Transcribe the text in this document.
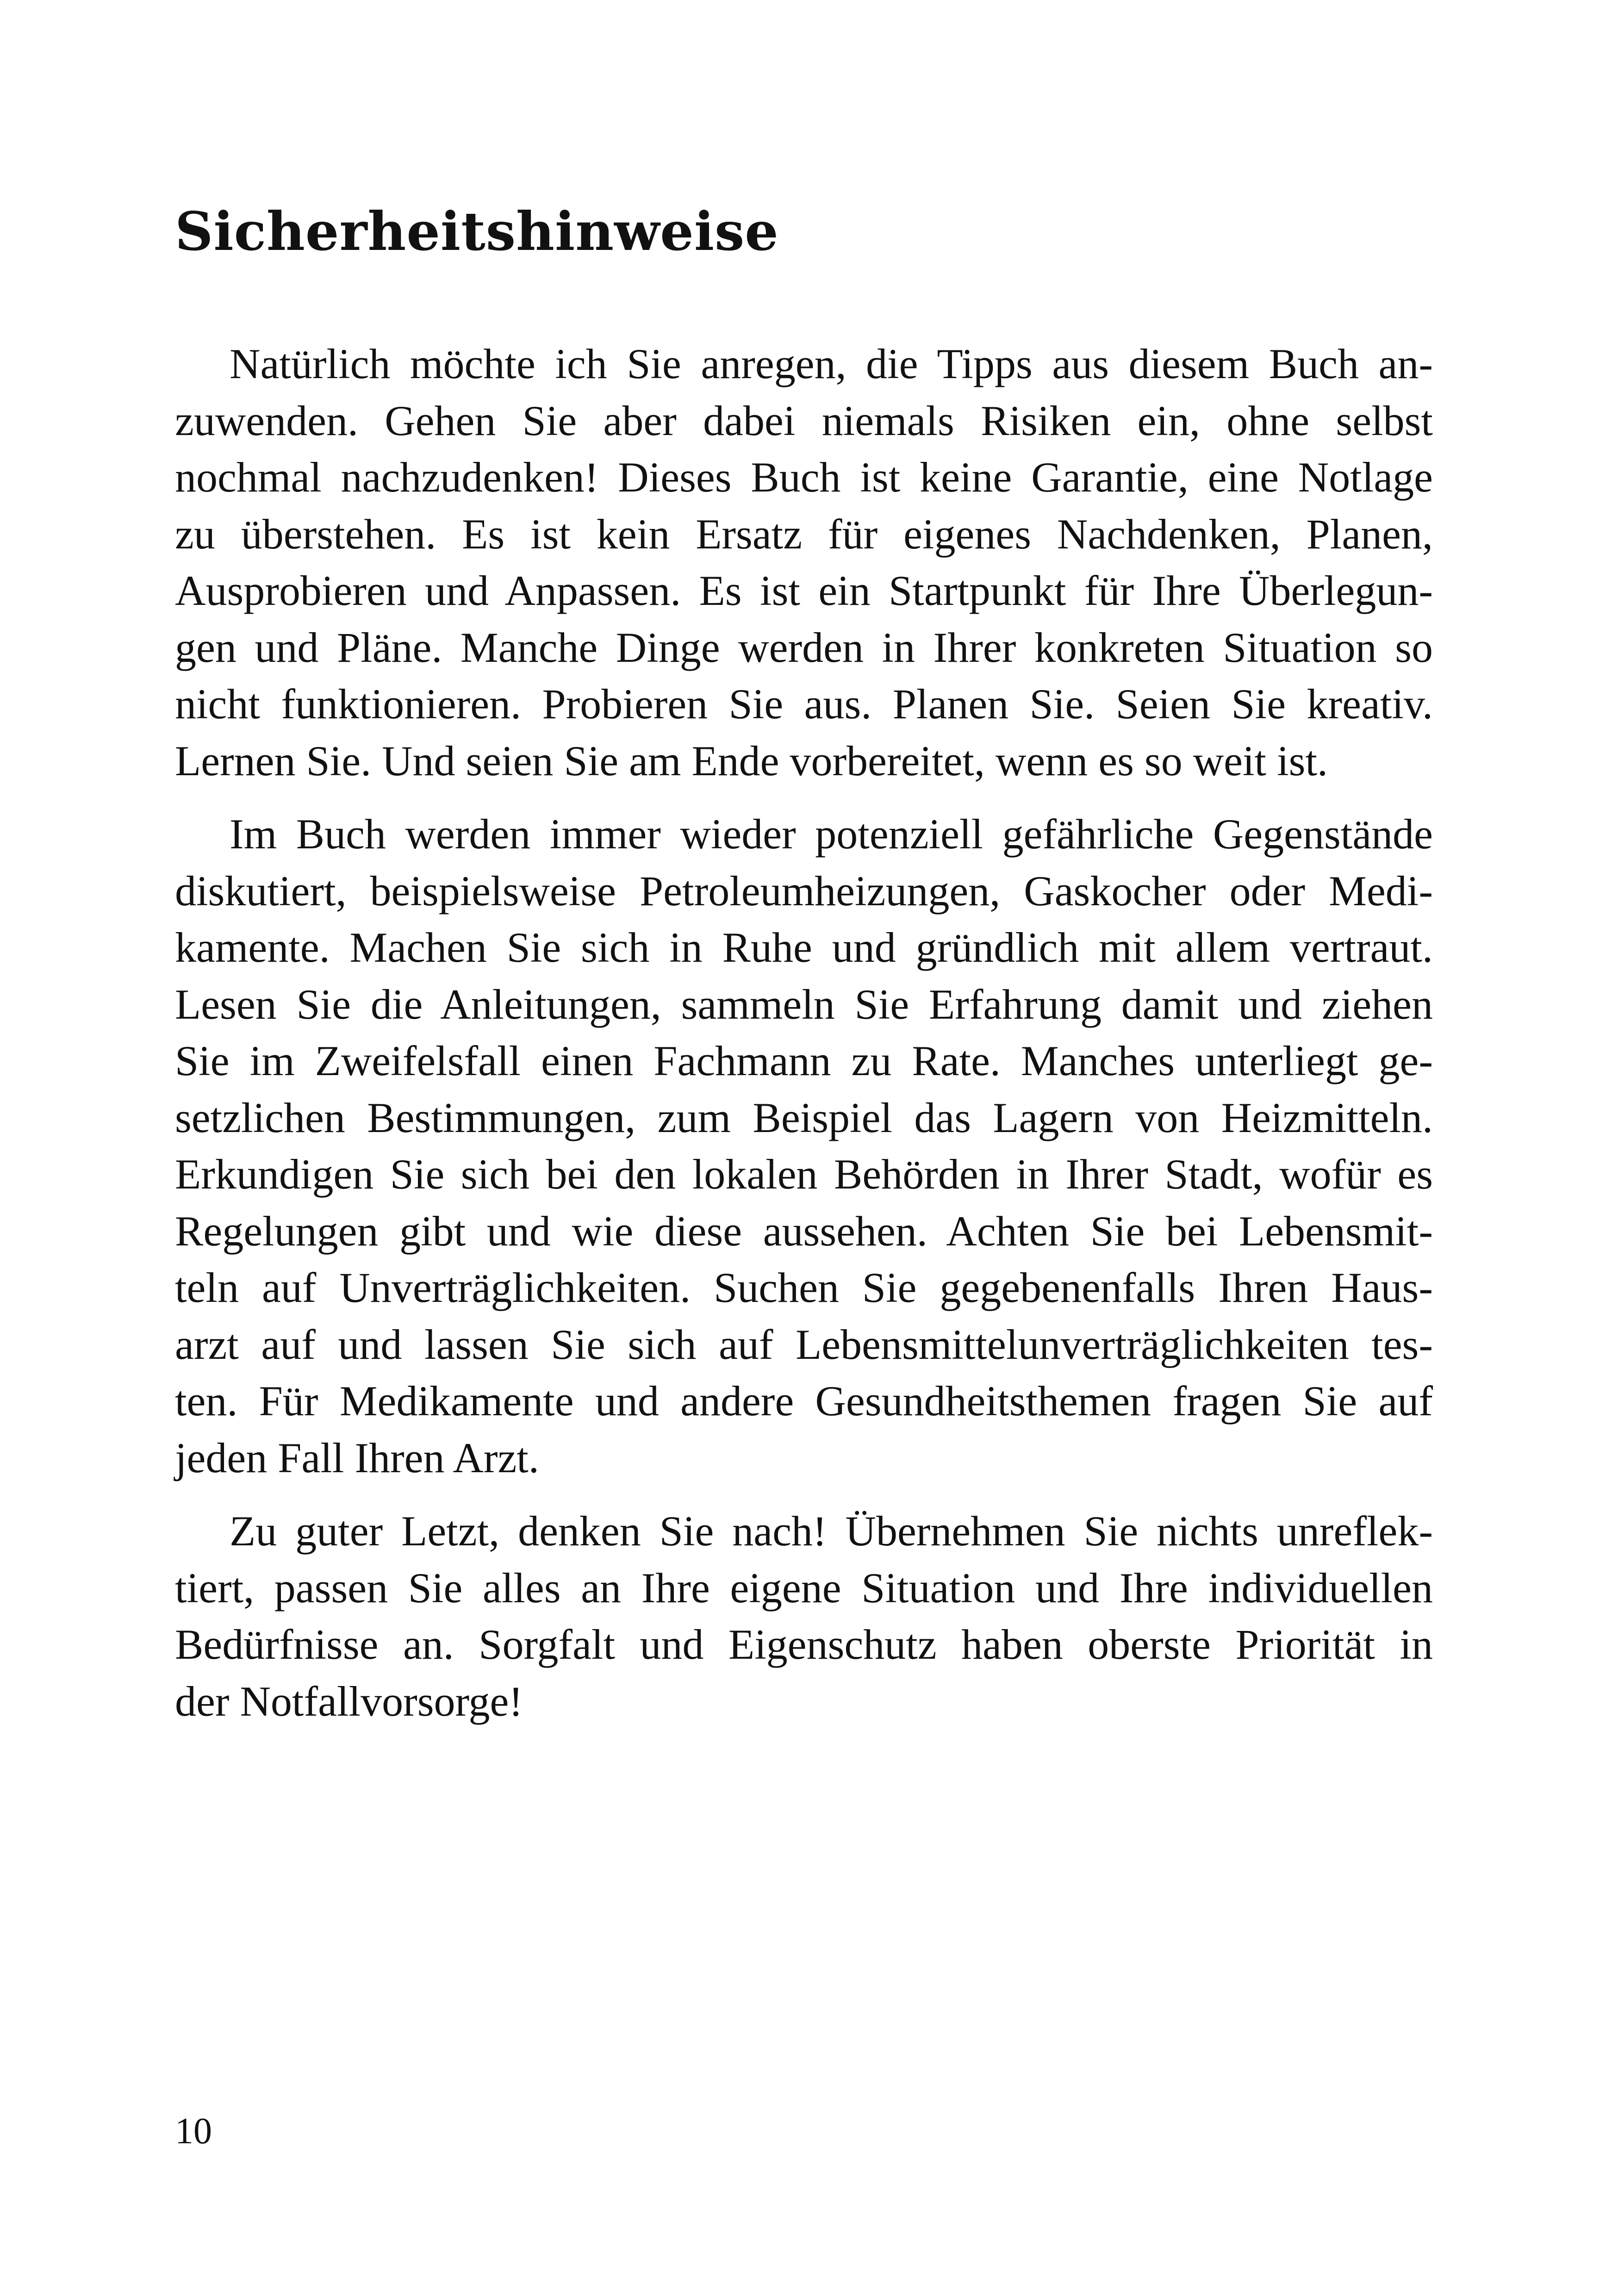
Sicherheitshinweise
Natürlich möchte ich Sie anregen, die Tipps aus diesem Buch an-
zuwenden. Gehen Sie aber dabei niemals Risiken ein, ohne selbst
nochmal nachzudenken! Dieses Buch ist keine Garantie, eine Notlage
zu überstehen. Es ist kein Ersatz für eigenes Nachdenken, Planen,
Ausprobieren und Anpassen. Es ist ein Startpunkt für Ihre Überlegun-
gen und Pläne. Manche Dinge werden in Ihrer konkreten Situation so
nicht funktionieren. Probieren Sie aus. Planen Sie. Seien Sie kreativ.
Lernen Sie. Und seien Sie am Ende vorbereitet, wenn es so weit ist.
Im Buch werden immer wieder potenziell gefährliche Gegenstände
diskutiert, beispielsweise Petroleumheizungen, Gaskocher oder Medi-
kamente. Machen Sie sich in Ruhe und gründlich mit allem vertraut.
Lesen Sie die Anleitungen, sammeln Sie Erfahrung damit und ziehen
Sie im Zweifelsfall einen Fachmann zu Rate. Manches unterliegt ge-
setzlichen Bestimmungen, zum Beispiel das Lagern von Heizmitteln.
Erkundigen Sie sich bei den lokalen Behörden in Ihrer Stadt, wofür es
Regelungen gibt und wie diese aussehen. Achten Sie bei Lebensmit-
teln auf Unverträglichkeiten. Suchen Sie gegebenenfalls Ihren Haus-
arzt auf und lassen Sie sich auf Lebensmittelunverträglichkeiten tes-
ten. Für Medikamente und andere Gesundheitsthemen fragen Sie auf
jeden Fall Ihren Arzt.
Zu guter Letzt, denken Sie nach! Übernehmen Sie nichts unreflek-
tiert, passen Sie alles an Ihre eigene Situation und Ihre individuellen
Bedürfnisse an. Sorgfalt und Eigenschutz haben oberste Priorität in
der Notfallvorsorge!
10
